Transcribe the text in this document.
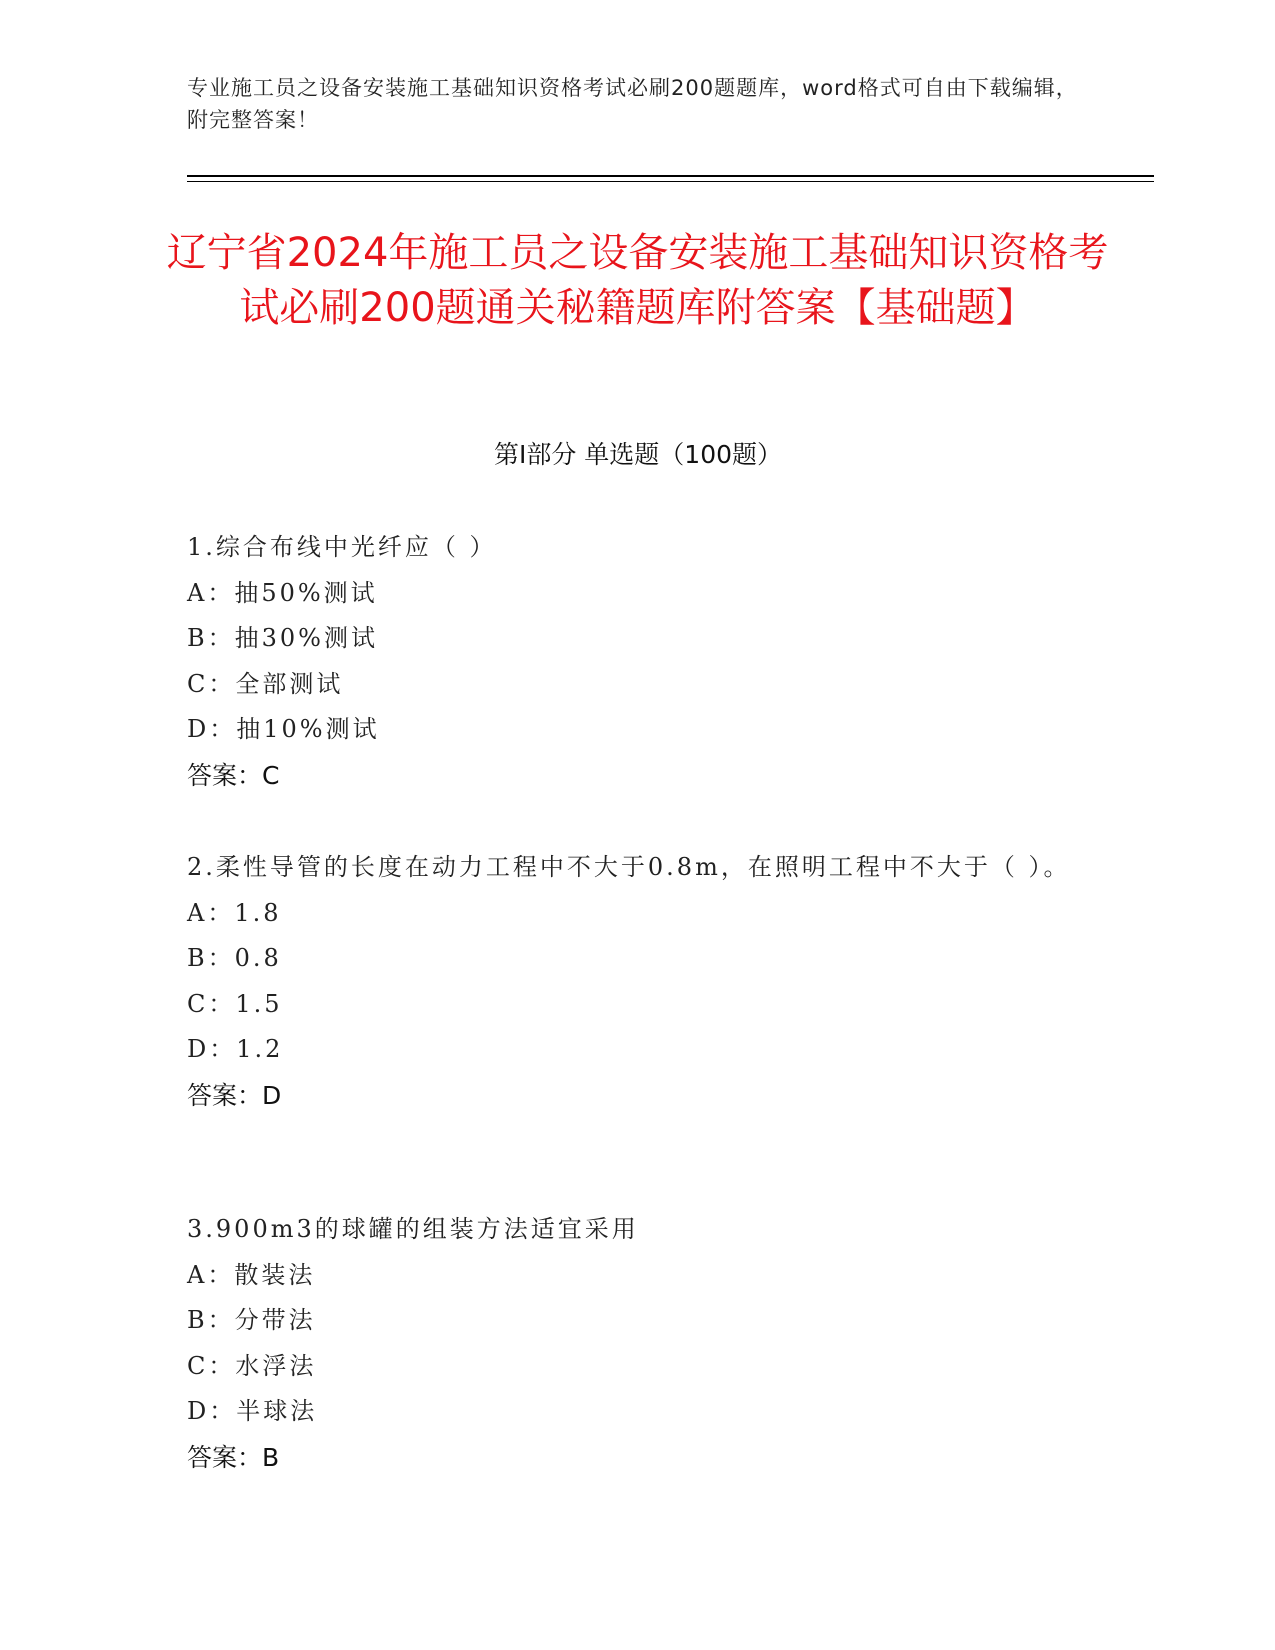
专业施工员之设备安装施工基础知识资格考试必刷200题题库，word格式可自由下载编辑，附完整答案！
辽宁省2024年施工员之设备安装施工基础知识资格考试必刷200题通关秘籍题库附答案【基础题】
第Ⅰ部分 单选题（100题）

1.综合布线中光纤应（ ）

A：抽50%测试

B：抽30%测试

C：全部测试

D：抽10%测试

答案：C

2.柔性导管的长度在动力工程中不大于0.8m，在照明工程中不大于（ ）。

A：1.8

B：0.8

C：1.5

D：1.2

答案：D

3.900m3的球罐的组装方法适宜采用

A：散装法

B：分带法

C：水浮法

D：半球法

答案：B
